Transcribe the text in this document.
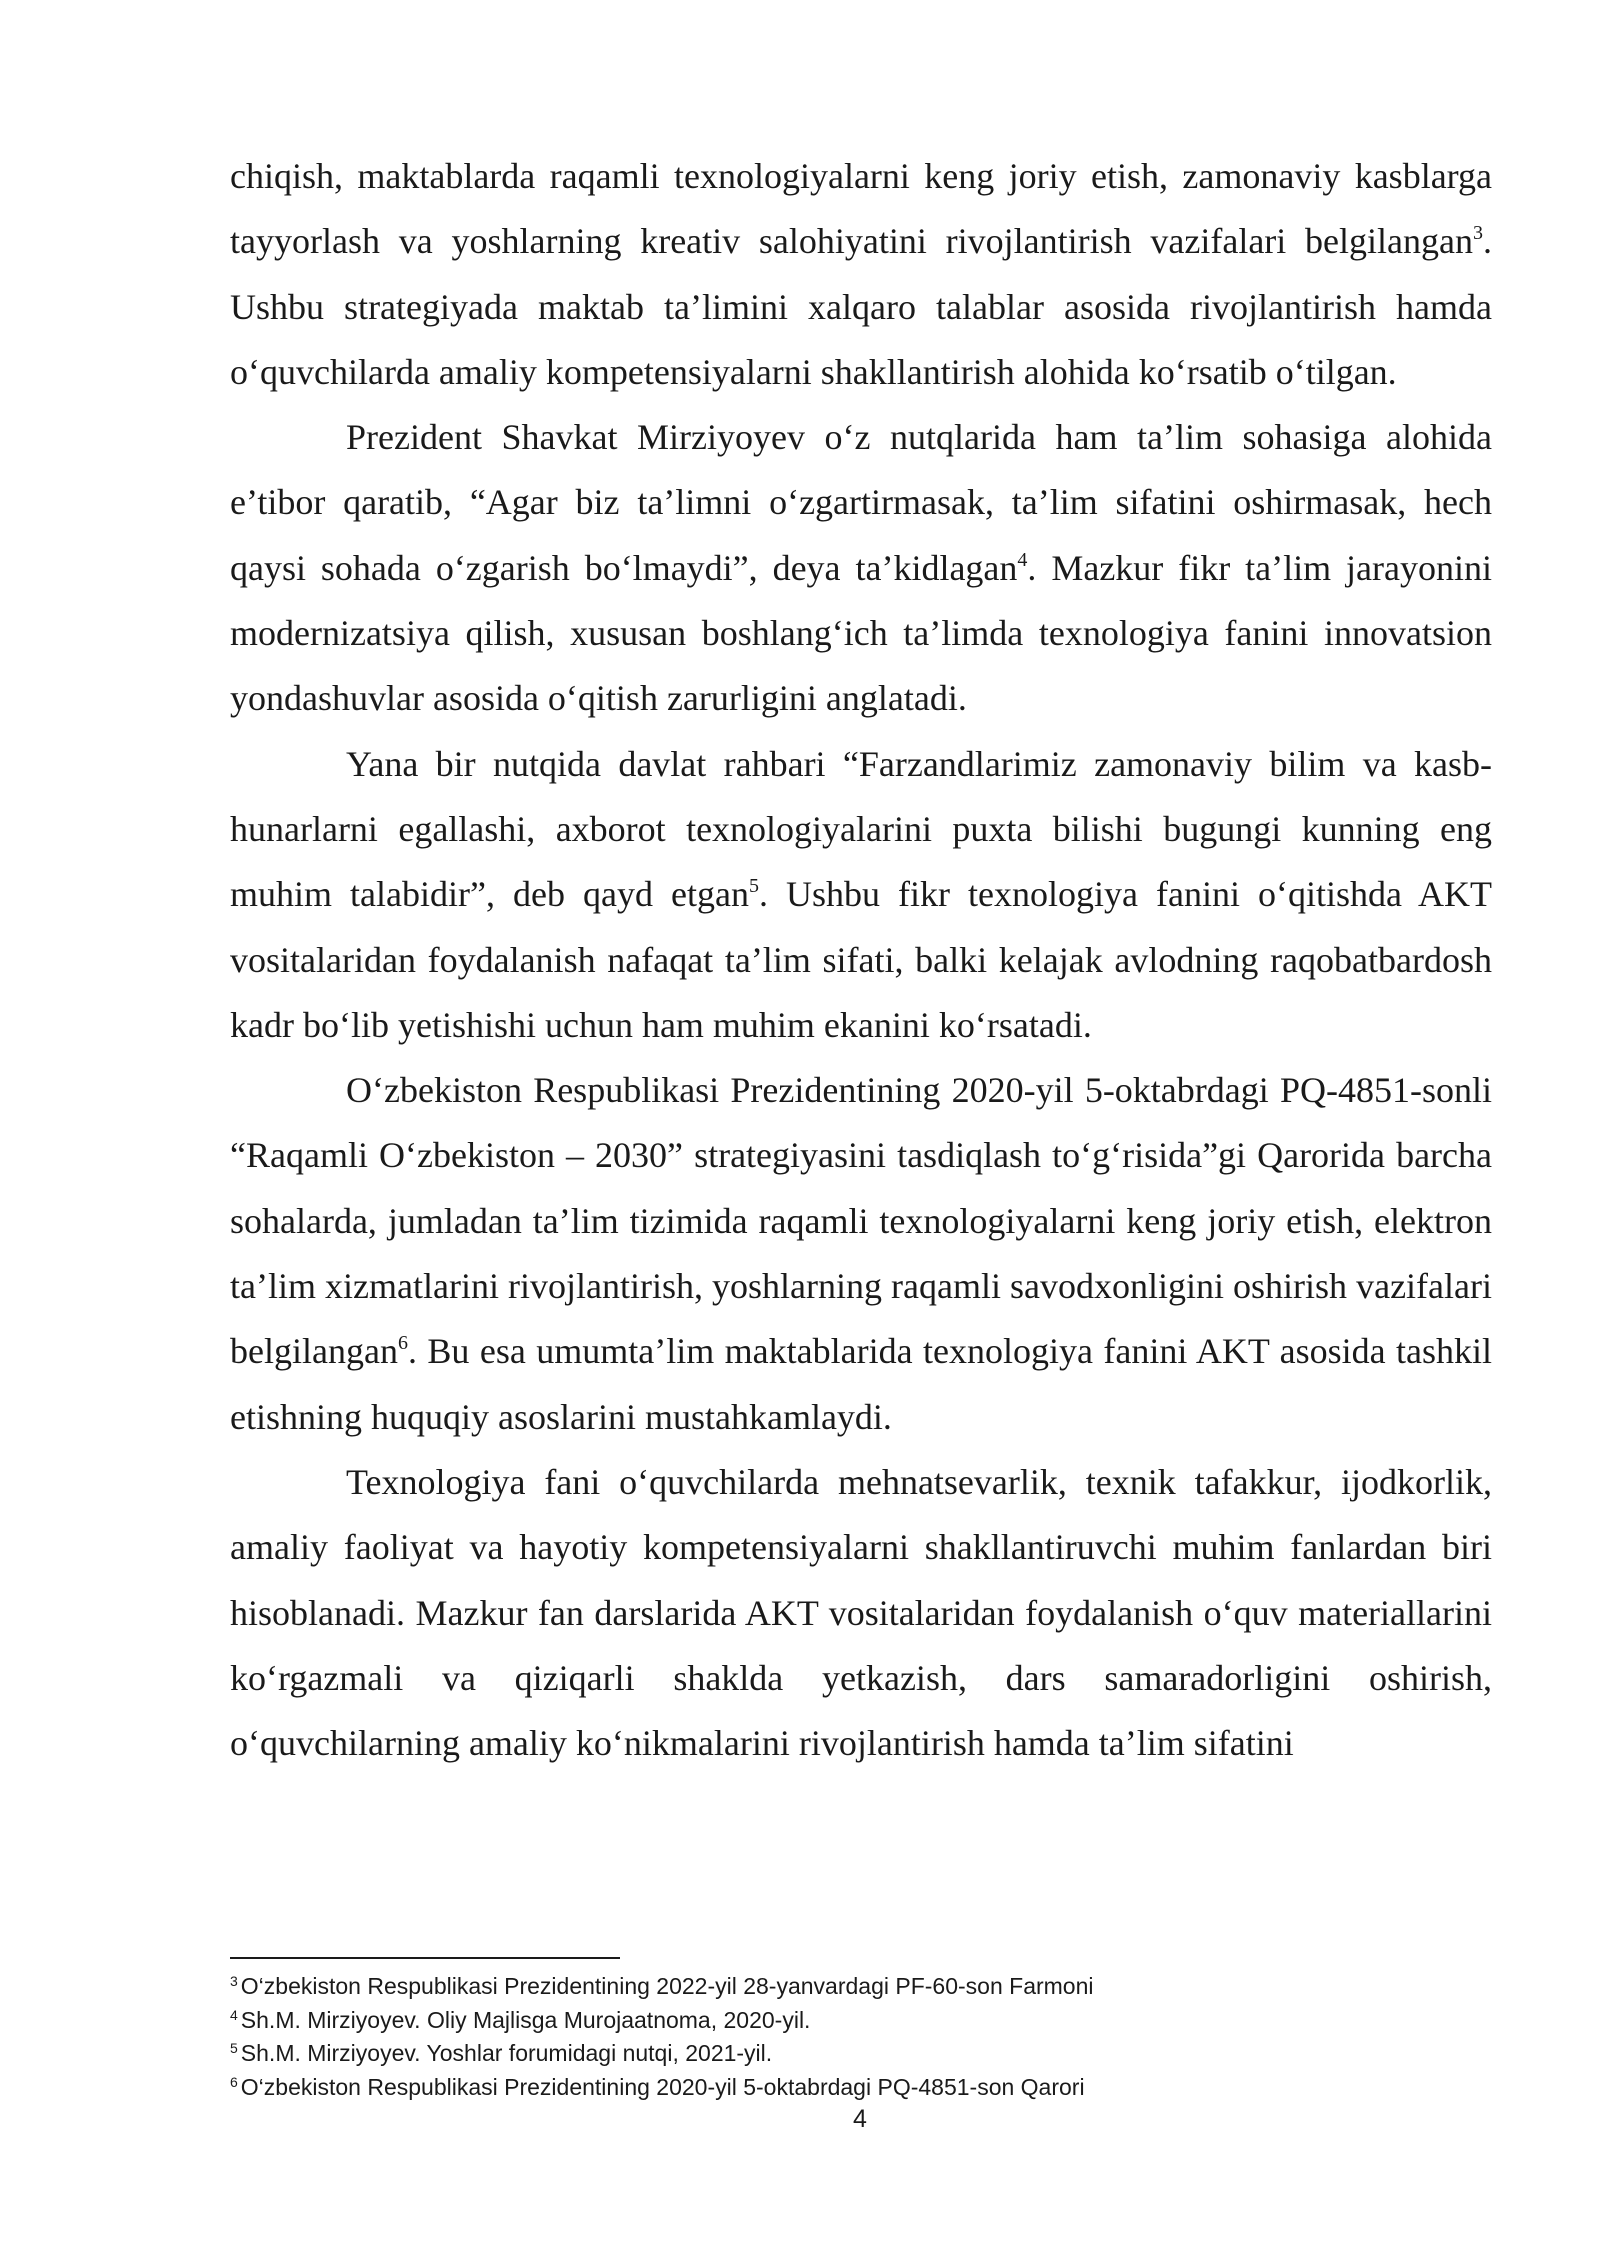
chiqish, maktablarda raqamli texnologiyalarni keng joriy etish, zamonaviy kasblarga tayyorlash va yoshlarning kreativ salohiyatini rivojlantirish vazifalari belgilangan$^3$. Ushbu strategiyada maktab ta’limini xalqaro talablar asosida rivojlantirish hamda o‘quvchilarda amaliy kompetensiyalarni shakllantirish alohida ko‘rsatib o‘tilgan.

Prezident Shavkat Mirziyoyev o‘z nutqlarida ham ta’lim sohasiga alohida e’tibor qaratib, “Agar biz ta’limni o‘zgartirmasak, ta’lim sifatini oshirmasak, hech qaysi sohada o‘zgarish bo‘lmaydi”, deya ta’kidlagan$^4$. Mazkur fikr ta’lim jarayonini modernizatsiya qilish, xususan boshlang‘ich ta’limda texnologiya fanini innovatsion yondashuvlar asosida o‘qitish zarurligini anglatadi.

Yana bir nutqida davlat rahbari “Farzandlarimiz zamonaviy bilim va kasb-hunarlarni egallashi, axborot texnologiyalarini puxta bilishi bugungi kunning eng muhim talabidir”, deb qayd etgan$^5$. Ushbu fikr texnologiya fanini o‘qitishda AKT vositalaridan foydalanish nafaqat ta’lim sifati, balki kelajak avlodning raqobatbardosh kadr bo‘lib yetishishi uchun ham muhim ekanini ko‘rsatadi.

O‘zbekiston Respublikasi Prezidentining 2020-yil 5-oktabrdagi PQ-4851-sonli “Raqamli O‘zbekiston – 2030” strategiyasini tasdiqlash to‘g‘risida”gi Qarorida barcha sohalarda, jumladan ta’lim tizimida raqamli texnologiyalarni keng joriy etish, elektron ta’lim xizmatlarini rivojlantirish, yoshlarning raqamli savodxonligini oshirish vazifalari belgilangan$^6$. Bu esa umumta’lim maktablarida texnologiya fanini AKT asosida tashkil etishning huquqiy asoslarini mustahkamlaydi.

Texnologiya fani o‘quvchilarda mehnatsevarlik, texnik tafakkur, ijodkorlik, amaliy faoliyat va hayotiy kompetensiyalarni shakllantiruvchi muhim fanlardan biri hisoblanadi. Mazkur fan darslarida AKT vositalaridan foydalanish o‘quv materiallarini ko‘rgazmali va qiziqarli shaklda yetkazish, dars samaradorligini oshirish, o‘quvchilarning amaliy ko‘nikmalarini rivojlantirish hamda ta’lim sifatini

$^3$ O‘zbekiston Respublikasi Prezidentining 2022-yil 28-yanvardagi PF-60-son Farmoni

$^4$ Sh.M. Mirziyoyev. Oliy Majlisga Murojaatnoma, 2020-yil.

$^5$ Sh.M. Mirziyoyev. Yoshlar forumidagi nutqi, 2021-yil.

$^6$ O‘zbekiston Respublikasi Prezidentining 2020-yil 5-oktabrdagi PQ-4851-son Qarori

4
